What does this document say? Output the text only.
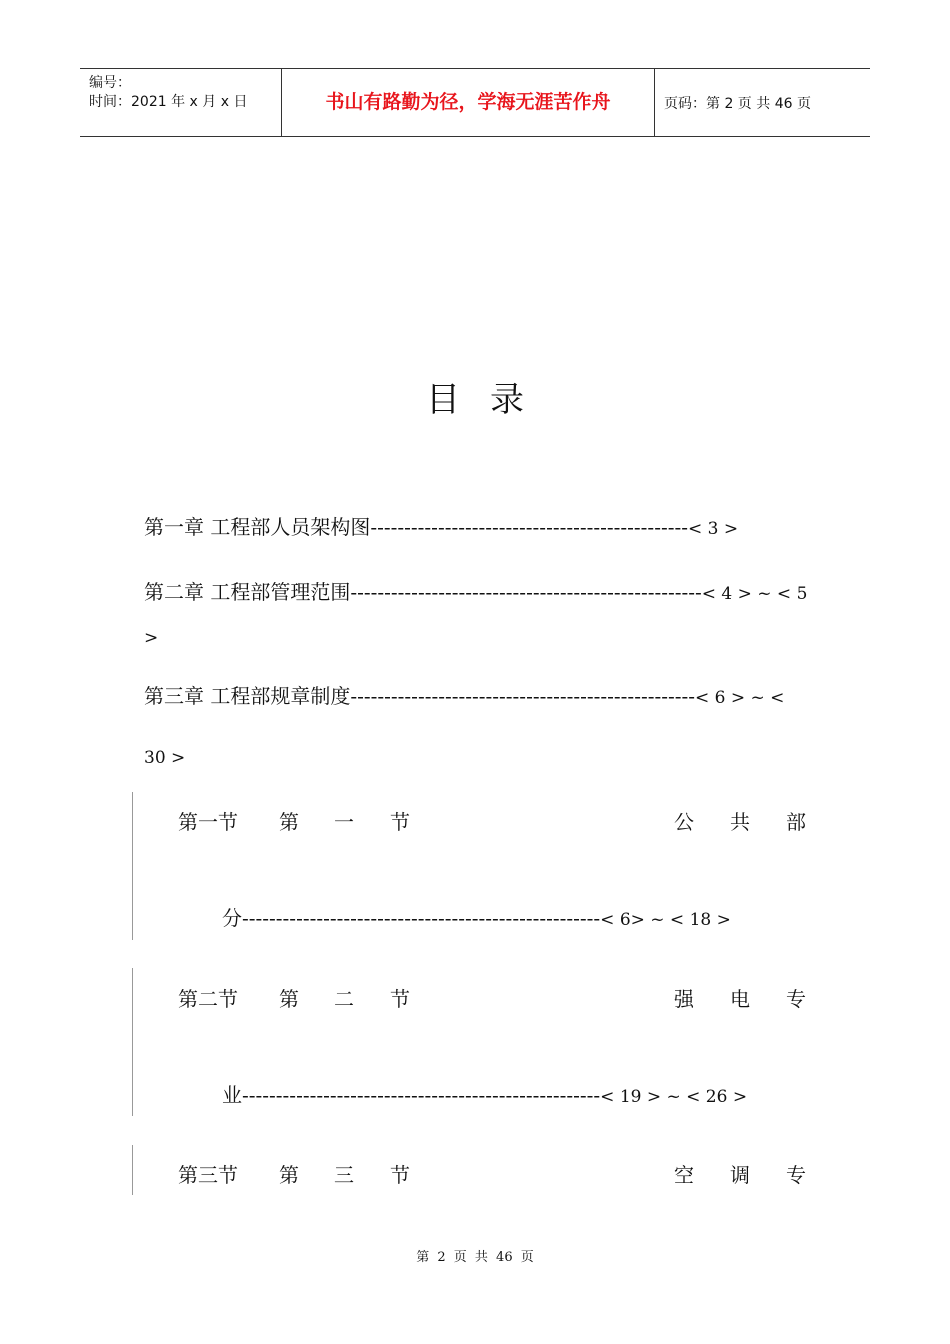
编号：
时间：2021 年 x 月 x 日	书山有路勤为径，学海无涯苦作舟	页码：第 2 页 共 46 页
目录
第一章 工程部人员架构图-----------------------------------------------< 3 >
第二章 工程部管理范围----------------------------------------------------< 4 > ~ < 5
>
第三章 工程部规章制度---------------------------------------------------< 6 > ~ <
30 >
第一节 第 一 节	公 共 部
分-----------------------------------------------------< 6> ~ < 18 >
第二节 第 二 节	强 电 专
业-----------------------------------------------------< 19 > ~ < 26 >
第三节 第 三 节	空 调 专
第 2 页 共 46 页
